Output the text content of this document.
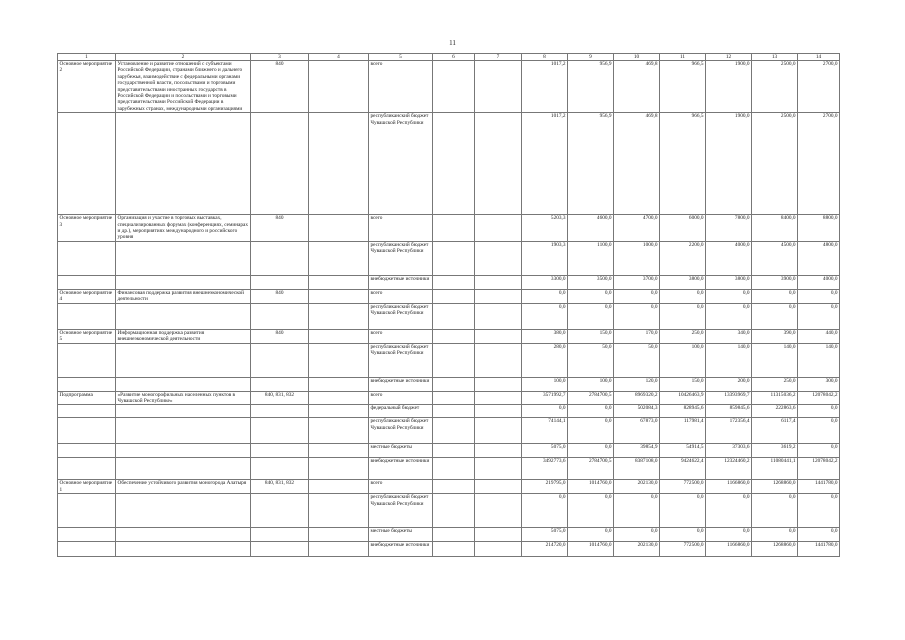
11
1	2	3	4	5	6	7	8	9	10	11	12	13	14
Основное мероприятие 2	Установление и развитие отношений с субъектами Российской Федерации, странами ближнего и дальнего зарубежья, взаимодействие с федеральными органами государственной власти, посольствами и торговыми представительствами иностранных государств в Российской Федерации и посольствами и торговыми представительствами Российской Федерации в зарубежных странах, международными организациями	840		всего			1017,2	956,9	469,8	966,5	1900,0	2500,0	2700,0
				республиканский бюджет Чувашской Республики			1017,2	956,9	469,8	966,5	1900,0	2500,0	2700,0
Основное мероприятие 3	Организация и участие в торговых выставках, специализированных форумах (конференциях, семинарах и др.), мероприятиях международного и российского уровня	840		всего			5203,3	4600,0	4700,0	6000,0	7800,0	8400,0	8800,0
				республиканский бюджет Чувашской Республики			1903,3	1100,0	1000,0	2200,0	4000,0	4500,0	4800,0
				внебюджетные источники			3300,0	3500,0	3700,0	3800,0	3800,0	3900,0	4000,0
Основное мероприятие 4	Финансовая поддержка развития внешнеэкономической деятельности	840		всего			0,0	0,0	0,0	0,0	0,0	0,0	0,0
				республиканский бюджет Чувашской Республики			0,0	0,0	0,0	0,0	0,0	0,0	0,0
Основное мероприятие 5	Информационная поддержка развития внешнеэкономической деятельности	840		всего			380,0	150,0	170,0	250,0	340,0	390,0	440,0
				республиканский бюджет Чувашской Республики			280,0	50,0	50,0	100,0	140,0	140,0	140,0
				внебюджетные источники			100,0	100,0	120,0	150,0	200,0	250,0	300,0
Подпрограмма	«Развитие моногорофильных населенных пунктов в Чувашской Республике»	840, 831, 832		всего			3571992,7	2784700,5	8969320,2	10426463,9	13393969,7	11315036,2	12078042,2
				федеральный бюджет			0,0	0,0	502084,3	828945,6	859845,6	222863,6	0,0
				республиканский бюджет Чувашской Республики			74144,1	0,0	67873,0	117981,4	172356,4	6117,4	0,0
				местные бюджеты			5075,0	0,0	39854,9	54914,5	37303,6	3619,2	0,0
				внебюджетные источники			3492773,6	2784700,5	8387108,0	9424622,4	12324460,2	11080441,1	12078042,2
Основное мероприятие 1	Обеспечение устойчивого развития моногорода Алатыря	840, 831, 832		всего			219795,0	1014760,0	202130,0	772500,0	1166860,0	1268860,0	1441780,0
				республиканский бюджет Чувашской Республики			0,0	0,0	0,0	0,0	0,0	0,0	0,0
				местные бюджеты			5075,0	0,0	0,0	0,0	0,0	0,0	0,0
				внебюджетные источники			214720,0	1014760,0	202130,0	772500,0	1166860,0	1268860,0	1441780,0
